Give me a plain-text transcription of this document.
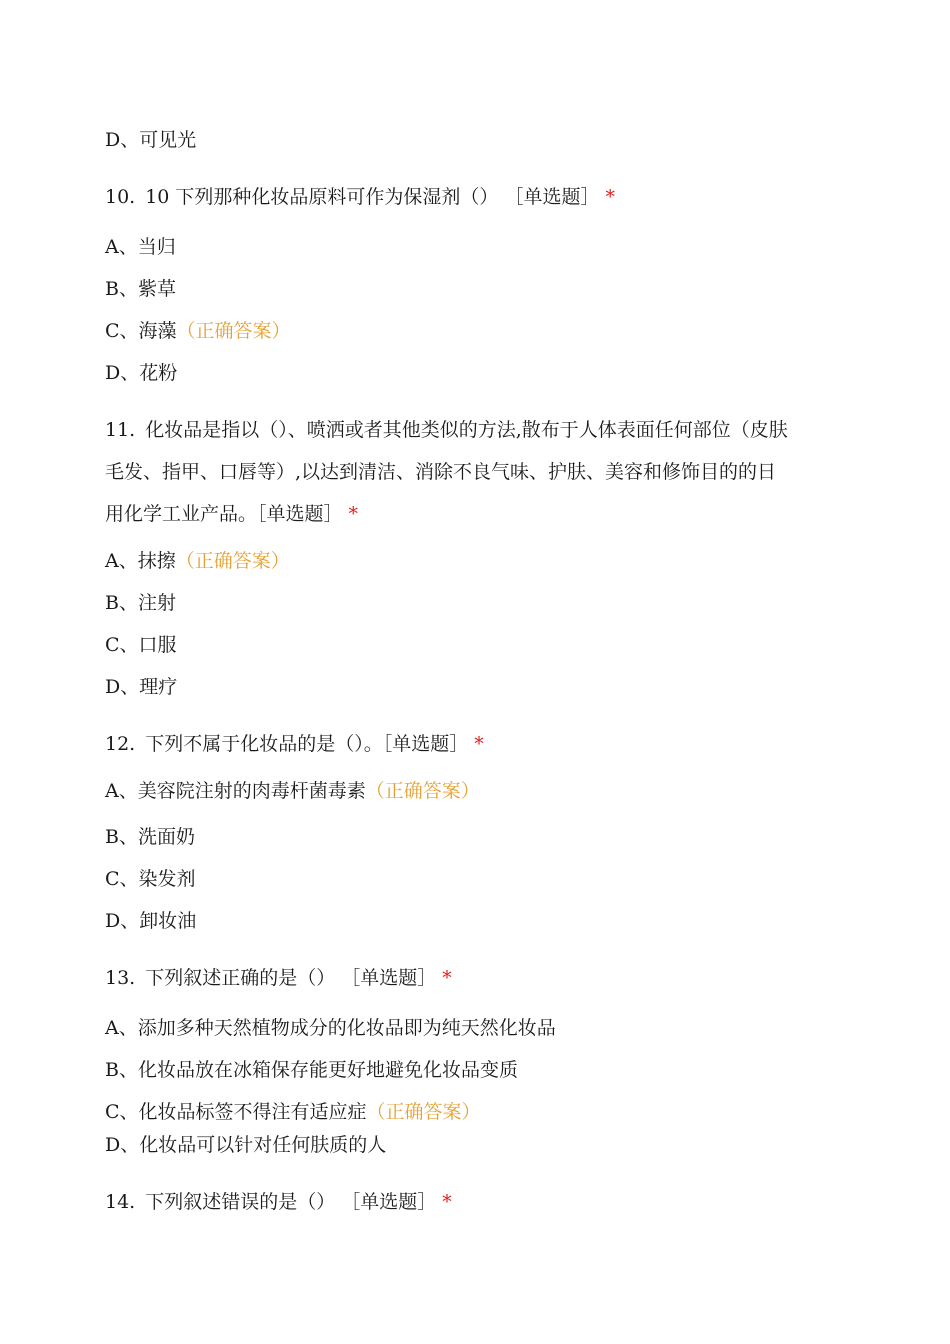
D、可见光
10. 10 下列那种化妆品原料可作为保湿剂（） ［单选题］ *
A、当归
B、紫草
C、海藻（正确答案）
D、花粉
11. 化妆品是指以（）、喷洒或者其他类似的方法,散布于人体表面任何部位（皮肤
毛发、指甲、口唇等）,以达到清洁、消除不良气味、护肤、美容和修饰目的的日
用化学工业产品。［单选题］ *
A、抹擦（正确答案）
B、注射
C、口服
D、理疗
12. 下列不属于化妆品的是（）。［单选题］ *
A、美容院注射的肉毒杆菌毒素（正确答案）
B、洗面奶
C、染发剂
D、卸妆油
13. 下列叙述正确的是（） ［单选题］ *
A、添加多种天然植物成分的化妆品即为纯天然化妆品
B、化妆品放在冰箱保存能更好地避免化妆品变质
C、化妆品标签不得注有适应症（正确答案）
D、化妆品可以针对任何肤质的人
14. 下列叙述错误的是（） ［单选题］ *
